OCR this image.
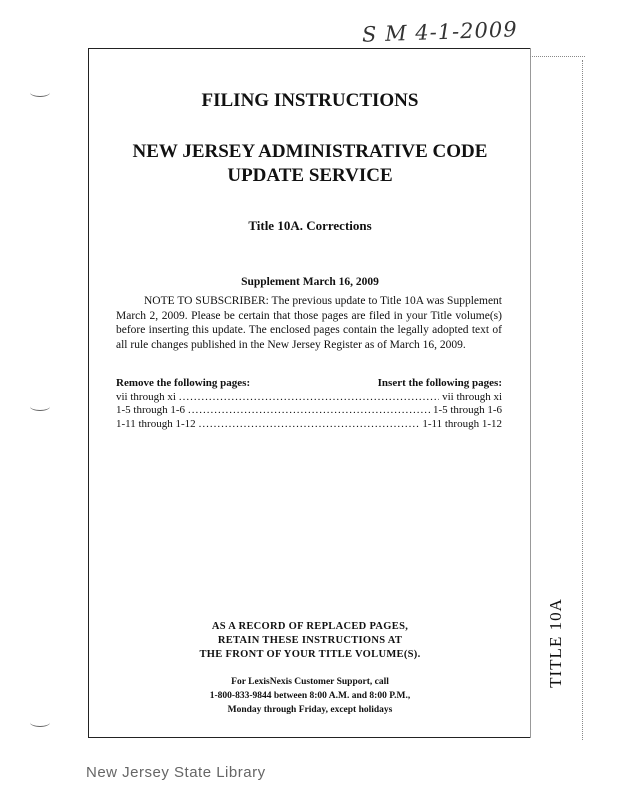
S M 4-1-2009
TITLE 10A
FILING INSTRUCTIONS
NEW JERSEY ADMINISTRATIVE CODE
UPDATE SERVICE
Title 10A. Corrections
Supplement March 16, 2009
NOTE TO SUBSCRIBER: The previous update to Title 10A was Supplement March 2, 2009. Please be certain that those pages are filed in your Title volume(s) before inserting this update. The enclosed pages contain the legally adopted text of all rule changes published in the New Jersey Register as of March 16, 2009.
Remove the following pages:	Insert the following pages:
vii through xi .....	vii through xi
1-5 through 1-6 .....	1-5 through 1-6
1-11 through 1-12 .....	1-11 through 1-12
AS A RECORD OF REPLACED PAGES,
RETAIN THESE INSTRUCTIONS AT
THE FRONT OF YOUR TITLE VOLUME(S).
For LexisNexis Customer Support, call
1-800-833-9844 between 8:00 A.M. and 8:00 P.M.,
Monday through Friday, except holidays
New Jersey State Library
